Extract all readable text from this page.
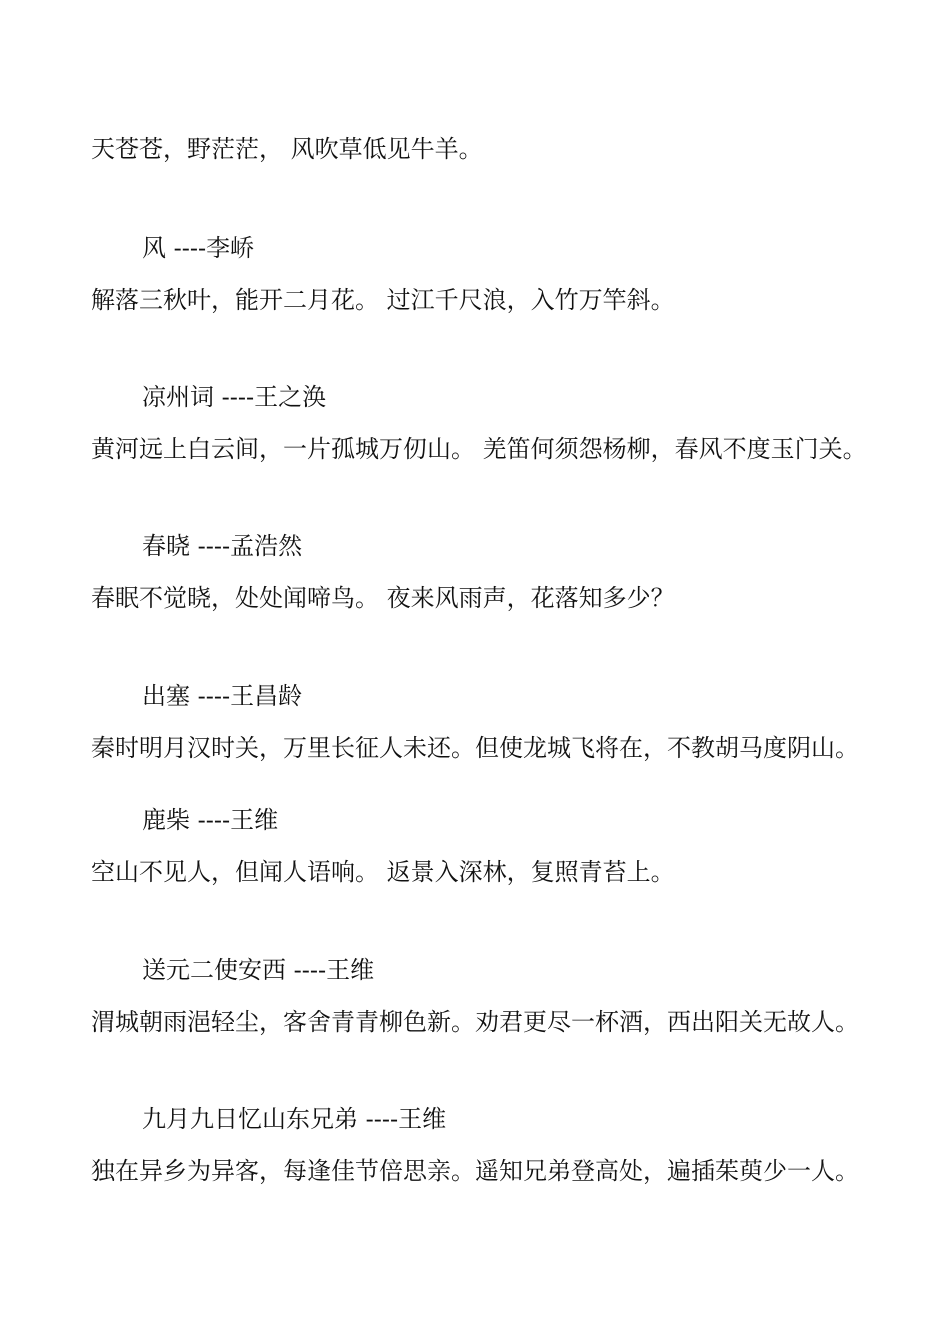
天苍苍，野茫茫， 风吹草低见牛羊。
风 ----李峤
解落三秋叶，能开二月花。 过江千尺浪，入竹万竿斜。
凉州词 ----王之涣
黄河远上白云间，一片孤城万仞山。 羌笛何须怨杨柳，春风不度玉门关。
春晓 ----孟浩然
春眠不觉晓，处处闻啼鸟。 夜来风雨声，花落知多少？
出塞 ----王昌龄
秦时明月汉时关，万里长征人未还。但使龙城飞将在，不教胡马度阴山。
鹿柴 ----王维
空山不见人，但闻人语响。 返景入深林，复照青苔上。
送元二使安西 ----王维
渭城朝雨浥轻尘，客舍青青柳色新。劝君更尽一杯酒，西出阳关无故人。
九月九日忆山东兄弟 ----王维
独在异乡为异客，每逢佳节倍思亲。遥知兄弟登高处，遍插茱萸少一人。
